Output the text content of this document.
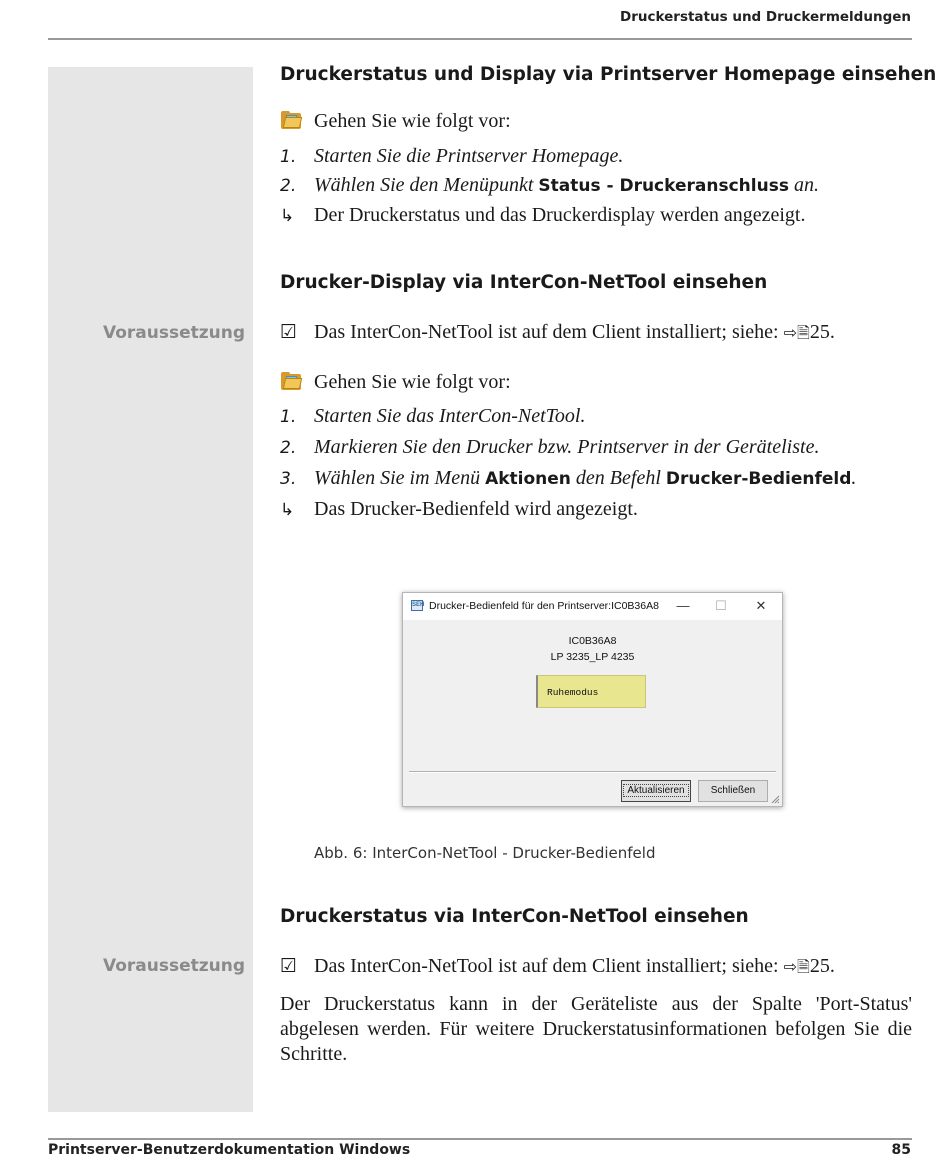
Druckerstatus und Druckermeldungen
Druckerstatus und Display via Printserver Homepage einsehen
Gehen Sie wie folgt vor:
1. Starten Sie die Printserver Homepage.
2. Wählen Sie den Menüpunkt Status - Druckeranschluss an.
↳ Der Druckerstatus und das Druckerdisplay werden angezeigt.
Drucker-Display via InterCon-NetTool einsehen
Voraussetzung ☑ Das InterCon-NetTool ist auf dem Client installiert; siehe: ⇨🗎25.
Gehen Sie wie folgt vor:
1. Starten Sie das InterCon-NetTool.
2. Markieren Sie den Drucker bzw. Printserver in der Geräteliste.
3. Wählen Sie im Menü Aktionen den Befehl Drucker-Bedienfeld.
↳ Das Drucker-Bedienfeld wird angezeigt.
SEH Drucker-Bedienfeld für den Printserver:IC0B36A8	—	☐	✕
IC0B36A8
LP 3235_LP 4235
Ruhemodus
Aktualisieren	Schließen
Abb. 6: InterCon-NetTool - Drucker-Bedienfeld
Druckerstatus via InterCon-NetTool einsehen
Voraussetzung ☑ Das InterCon-NetTool ist auf dem Client installiert; siehe: ⇨🗎25.
Der Druckerstatus kann in der Geräteliste aus der Spalte 'Port-Status' abgelesen werden. Für weitere Druckerstatusinformationen befolgen Sie die Schritte.
Printserver-Benutzerdokumentation Windows	85
